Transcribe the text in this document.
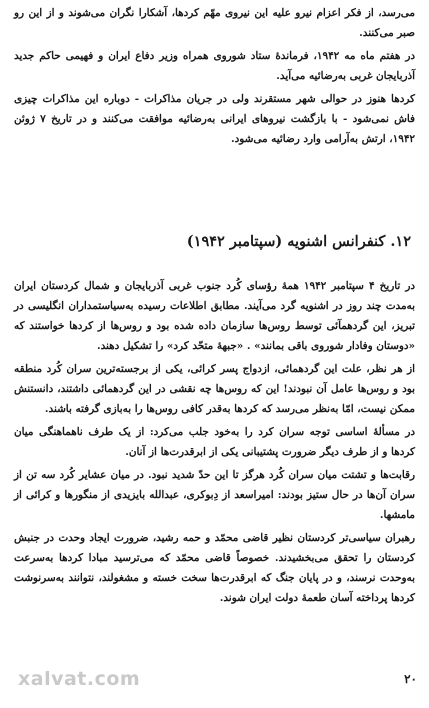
می‌رسد، از فکر اعزام نیرو علیه این نیروی مهّم کردها، آشکارا نگران می‌شوند و از این رو صبر می‌کنند.

در هفتم ماه مه ۱۹۴۲، فرماندهٔ ستاد شوروی همراه وزیر دفاع ایران و فهیمی حاکم جدید آذربایجان غربی به‌رضائیه می‌آید.

کردها هنوز در حوالی شهر مستقرند ولی در جریان مذاکرات - دوباره این مذاکرات چیزی فاش نمی‌شود - با بازگشت نیروهای ایرانی به‌رضائیه موافقت می‌کنند و در تاریخ ۷ ژوئن ۱۹۴۲، ارتش به‌آرامی وارد رضائیه می‌شود.

۱۲. کنفرانس اشنویه (سپتامبر ۱۹۴۲)

در تاریخ ۴ سپتامبر ۱۹۴۲ همهٔ رؤسای کُرد جنوب غربی آذربایجان و شمال کردستان ایران به‌مدت چند روز در اشنویه گرد می‌آیند. مطابق اطلاعات رسیده به‌سیاستمداران انگلیسی در تبریز، این گردهمآئی توسط روس‌ها سازمان داده شده بود و روس‌ها از کردها خواستند که «دوستان وفادار شوروی باقی بمانند» . «جبههٔ متحّد کرد» را تشکیل دهند.

از هر نظر، علت این گردهمائی، ازدواج پسر کرائی، یکی از برجسته‌ترین سران کُرد منطقه بود و روس‌ها عامل آن نبودند! این که روس‌ها چه نقشی در این گردهمائی داشتند، دانستنش ممکن نیست، امّا به‌نظر می‌رسد که کردها به‌قدر کافی روس‌ها را به‌بازی گرفته باشند.

در مسألهٔ اساسی توجه سران کرد را به‌خود جلب می‌کرد: از یک طرف ناهماهنگی میان کردها و از طرف دیگر ضرورت پشتیبانی یکی از ابرقدرت‌ها از آنان.

رقابت‌ها و تشتت میان سران کُرد هرگز تا این حدّ شدید نبود. در میان عشایر کُرد سه تن از سران آن‌ها در حال ستیز بودند: امیراسعد از دِبوکری، عبدالله بایزیدی از منگورها و کرائی از مامشها.

رهبران سیاسی‌تر کردستان نظیر قاضی محمّد و حمه رشید، ضرورت ایجاد وحدت در جنبش کردستان را تحقق می‌بخشیدند. خصوصاً قاضی محمّد که می‌ترسید مبادا کردها به‌سرعت به‌وحدت نرسند، و در پایان جنگ که ابرقدرت‌ها سخت خسته و مشغولند، نتوانند به‌سرنوشت کردها پرداخته آسان طعمهٔ دولت ایران شوند.

xalvat.com	۲۰
